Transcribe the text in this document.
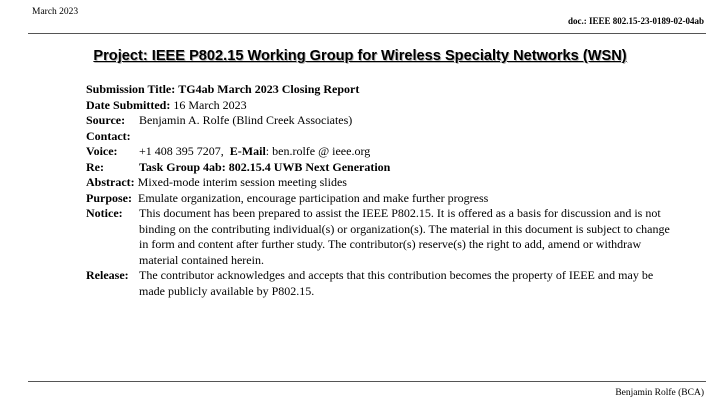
March 2023
doc.: IEEE 802.15-23-0189-02-04ab
Project: IEEE P802.15 Working Group for Wireless Specialty Networks (WSN)
Submission Title: TG4ab March 2023 Closing Report
Date Submitted: 16 March 2023
Source:	Benjamin A. Rolfe (Blind Creek Associates)
Contact:
Voice:	+1 408 395 7207, E-Mail: ben.rolfe @ ieee.org
Re:	Task Group 4ab: 802.15.4 UWB Next Generation
Abstract: Mixed-mode interim session meeting slides
Purpose: Emulate organization, encourage participation and make further progress
Notice:	This document has been prepared to assist the IEEE P802.15. It is offered as a basis for discussion and is not binding on the contributing individual(s) or organization(s). The material in this document is subject to change in form and content after further study. The contributor(s) reserve(s) the right to add, amend or withdraw material contained herein.
Release: The contributor acknowledges and accepts that this contribution becomes the property of IEEE and may be made publicly available by P802.15.
Benjamin Rolfe (BCA)
